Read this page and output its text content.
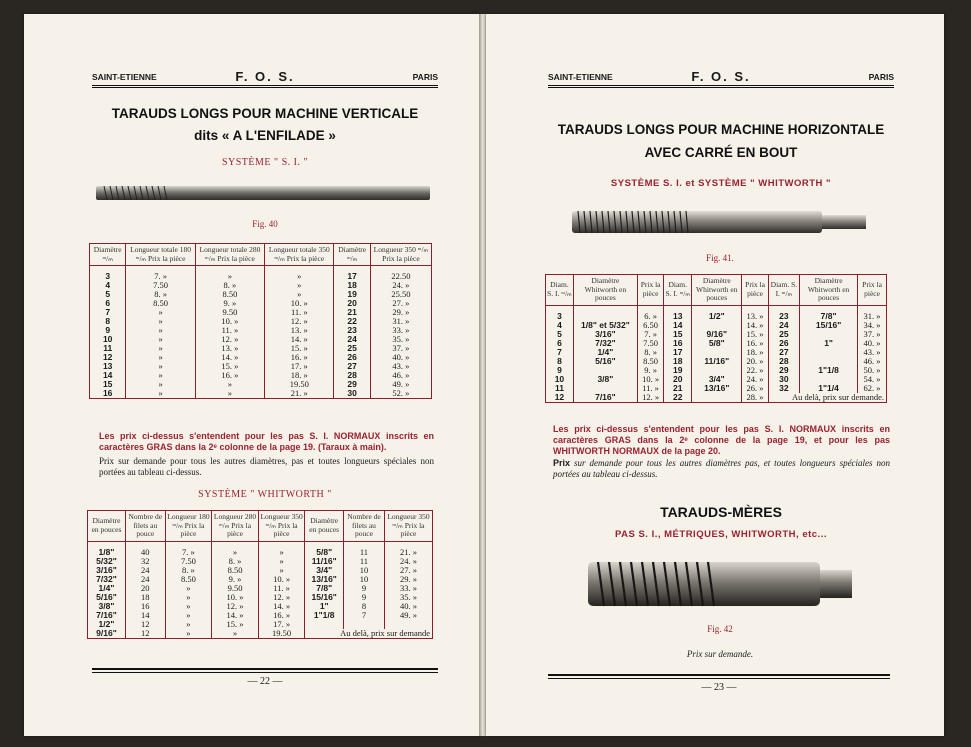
SAINT-ETIENNE	F. O. S.	PARIS
TARAUDS LONGS POUR MACHINE VERTICALE
dits « A L'ENFILADE »
SYSTÈME " S. I. "
Fig. 40
Diamètre ᵐ/ₘ	Longueur totale 180 ᵐ/ₘ Prix la pièce	Longueur totale 280 ᵐ/ₘ Prix la pièce	Longueur totale 350 ᵐ/ₘ Prix la pièce	Diamètre ᵐ/ₘ	Longueur 350 ᵐ/ₘ Prix la pièce

3	7. »	»	»	17	22.50
4	7.50	8. »	»	18	24. »
5	8. »	8.50	»	19	25.50
6	8.50	9. »	10. »	20	27. »
7	»	9.50	11. »	21	29. »
8	»	10. »	12. »	22	31. »
9	»	11. »	13. »	23	33. »
10	»	12. »	14. »	24	35. »
11	»	13. »	15. »	25	37. »
12	»	14. »	16. »	26	40. »
13	»	15. »	17. »	27	43. »
14	»	16. »	18. »	28	46. »
15	»	»	19.50	29	49. »
16	»	»	21. »	30	52. »
Les prix ci-dessus s'entendent pour les pas S. I. NORMAUX inscrits en caractères GRAS dans la 2ᵉ colonne de la page 19. (Taraux à main).
Prix sur demande pour tous les autres diamètres, pas et toutes longueurs spéciales non portées au tableau ci-dessus.
SYSTÈME " WHITWORTH "
Diamètre en pouces	Nombre de filets au pouce	Longueur 180 ᵐ/ₘ Prix la pièce	Longueur 280 ᵐ/ₘ Prix la pièce	Longueur 350 ᵐ/ₘ Prix la pièce	Diamètre en pouces	Nombre de filets au pouce	Longueur 350 ᵐ/ₘ Prix la pièce

1/8"	40	7. »	»	»	5/8"	11	21. »
5/32"	32	7.50	8. »	»	11/16"	11	24. »
3/16"	24	8. »	8.50	»	3/4"	10	27. »
7/32"	24	8.50	9. »	10. »	13/16"	10	29. »
1/4"	20	»	9.50	11. »	7/8"	9	33. »
5/16"	18	»	10. »	12. »	15/16"	9	35. »
3/8"	16	»	12. »	14. »	1"	8	40. »
7/16"	14	»	14. »	16. »	1"1/8	7	49. »
1/2"	12	»	15. »	17. »			
9/16"	12	»	»	19.50	Au delà, prix sur demande		
— 22 —
SAINT-ETIENNE	F. O. S.	PARIS
TARAUDS LONGS POUR MACHINE HORIZONTALE
AVEC CARRÉ EN BOUT
SYSTÈME S. I. et SYSTÈME " WHITWORTH "
Fig. 41.
Diam. S. I. ᵐ/ₘ	Diamètre Whitworth en pouces	Prix la pièce	Diam. S. I. ᵐ/ₘ	Diamètre Whitworth en pouces	Prix la pièce	Diam. S. I. ᵐ/ₘ	Diamètre Whitworth en pouces	Prix la pièce

3		6. »	13	1/2"	13. »	23	7/8"	31. »
4	1/8" et 5/32"	6.50	14		14. »	24	15/16"	34. »
5	3/16"	7. »	15	9/16"	15. »	25		37. »
6	7/32"	7.50	16	5/8"	16. »	26	1"	40. »
7	1/4"	8. »	17		18. »	27		43. »
8	5/16"	8.50	18	11/16"	20. »	28		46. »
9		9. »	19		22. »	29	1"1/8	50. »
10	3/8"	10. »	20	3/4"	24. »	30		54. »
11		11. »	21	13/16"	26. »	32	1"1/4	62. »
12	7/16"	12. »	22		28. »	Au delà, prix sur demande.		
Les prix ci-dessus s'entendent pour les pas S. I. NORMAUX inscrits en caractères GRAS dans la 2ᵉ colonne de la page 19, et pour les pas WHITWORTH NORMAUX de la page 20.
Prix sur demande pour tous les autres diamètres pas, et toutes longueurs spéciales non portées au tableau ci-dessus.
TARAUDS-MÈRES
PAS S. I., MÉTRIQUES, WHITWORTH, etc...
Fig. 42
Prix sur demande.
— 23 —
